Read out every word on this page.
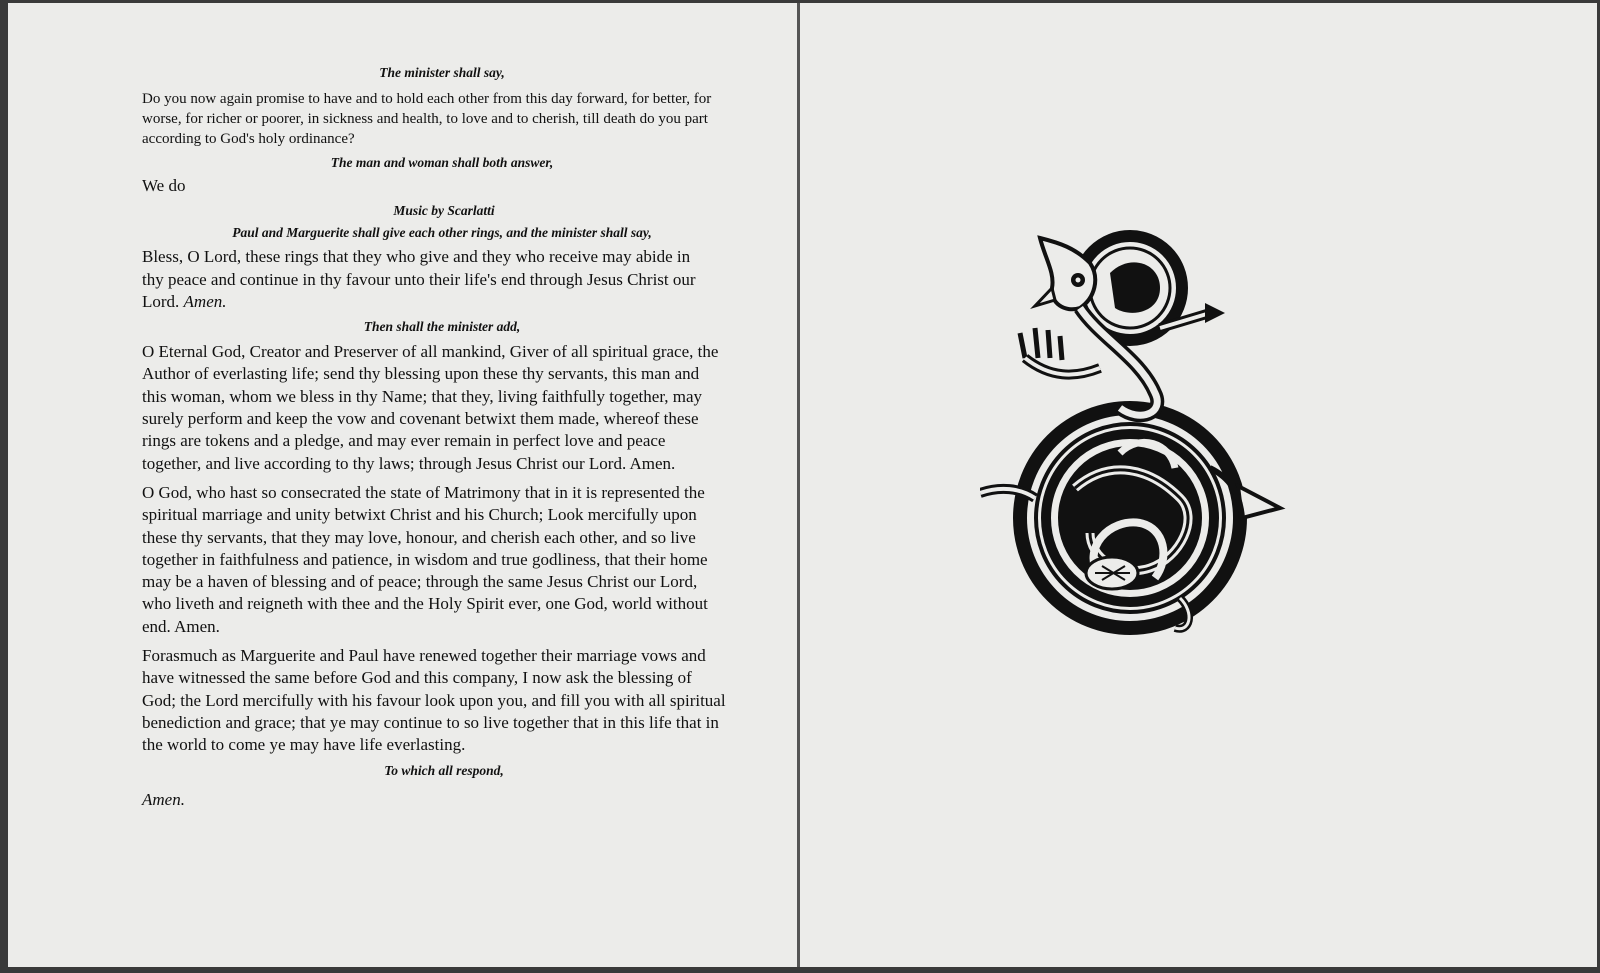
The minister shall say,

Do you now again promise to have and to hold each other from this day forward, for better, for worse, for richer or poorer, in sickness and health, to love and to cherish, till death do you part according to God's holy ordinance?

The man and woman shall both answer,

We do

Music by Scarlatti

Paul and Marguerite shall give each other rings, and the minister shall say,

Bless, O Lord, these rings that they who give and they who receive may abide in thy peace and continue in thy favour unto their life's end through Jesus Christ our Lord. Amen.

Then shall the minister add,

O Eternal God, Creator and Preserver of all mankind, Giver of all spiritual grace, the Author of everlasting life; send thy blessing upon these thy servants, this man and this woman, whom we bless in thy Name; that they, living faithfully together, may surely perform and keep the vow and covenant betwixt them made, whereof these rings are tokens and a pledge, and may ever remain in perfect love and peace together, and live according to thy laws; through Jesus Christ our Lord. Amen.

O God, who hast so consecrated the state of Matrimony that in it is represented the spiritual marriage and unity betwixt Christ and his Church; Look mercifully upon these thy servants, that they may love, honour, and cherish each other, and so live together in faithfulness and patience, in wisdom and true godliness, that their home may be a haven of blessing and of peace; through the same Jesus Christ our Lord, who liveth and reigneth with thee and the Holy Spirit ever, one God, world without end. Amen.

Forasmuch as Marguerite and Paul have renewed together their marriage vows and have witnessed the same before God and this company, I now ask the blessing of God; the Lord mercifully with his favour look upon you, and fill you with all spiritual benediction and grace; that ye may continue to so live together that in this life that in the world to come ye may have life everlasting.

To which all respond,

Amen.
